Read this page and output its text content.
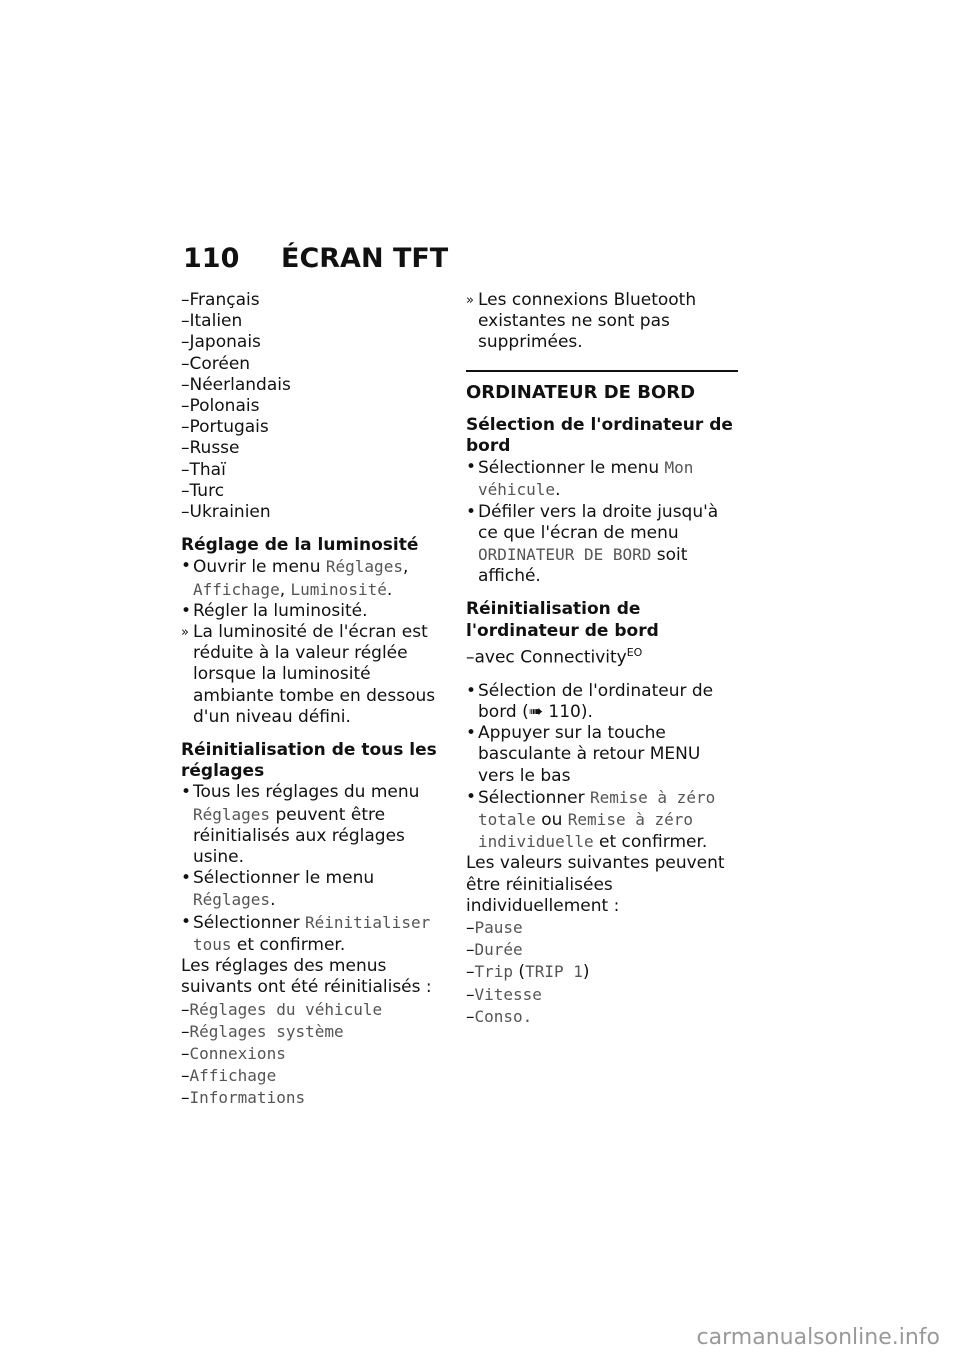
110 ÉCRAN TFT
– Français
– Italien
– Japonais
– Coréen
– Néerlandais
– Polonais
– Portugais
– Russe
– Thaï
– Turc
– Ukrainien
Réglage de la luminosité
• Ouvrir le menu Réglages, Affichage, Luminosité.
• Régler la luminosité.
» La luminosité de l'écran est réduite à la valeur réglée lorsque la luminosité ambiante tombe en dessous d'un niveau défini.
Réinitialisation de tous les réglages
• Tous les réglages du menu Réglages peuvent être réinitialisés aux réglages usine.
• Sélectionner le menu Réglages.
• Sélectionner Réinitialiser tous et confirmer.

Les réglages des menus suivants ont été réinitialisés :

– Réglages du véhicule
– Réglages système
– Connexions
– Affichage
– Informations
» Les connexions Bluetooth existantes ne sont pas supprimées.
ORDINATEUR DE BORD
Sélection de l'ordinateur de bord
• Sélectionner le menu Mon véhicule.
• Défiler vers la droite jusqu'à ce que l'écran de menu ORDINATEUR DE BORD soit affiché.
Réinitialisation de l'ordinateur de bord
–avec Connectivity$^{EO}$
• Sélection de l'ordinateur de bord (➠ 110).
• Appuyer sur la touche basculante à retour MENU vers le bas
• Sélectionner Remise à zéro totale ou Remise à zéro individuelle et confirmer.

Les valeurs suivantes peuvent être réinitialisées individuellement :

– Pause
– Durée
– Trip (TRIP 1)
– Vitesse
– Conso.
carmanualsonline.info
